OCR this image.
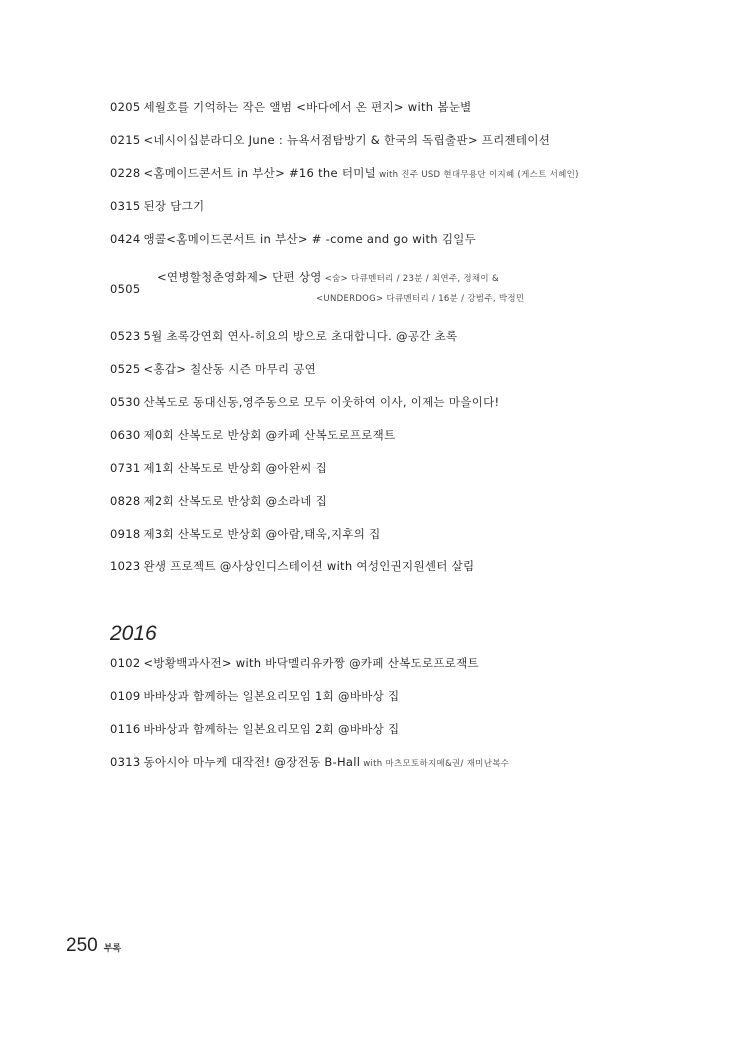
0205 세월호를 기억하는 작은 앨범 <바다에서 온 편지> with 봄눈별
0215 <네시이십분라디오 June : 뉴욕서점탐방기 & 한국의 독립출판> 프리젠테이션
0228 <홈메이드콘서트 in 부산> #16 the 터미널 with 진주 USD 현대무용단 이지혜 (게스트 서혜인)
0315 된장 담그기
0424 앵콜<홈메이드콘서트 in 부산> # -come and go with 김일두
0505
<연병할청춘영화제> 단편 상영 <숨> 다큐멘터리 / 23분 / 최연주, 정채이 &
<UNDERDOG> 다큐멘터리 / 16분 / 강범주, 박정민
0523 5월 초록강연회 연사-히요의 방으로 초대합니다. @공간 초록
0525 <홍갑> 칠산동 시즌 마무리 공연
0530 산복도로 동대신동,영주동으로 모두 이웃하여 이사, 이제는 마을이다!
0630 제0회 산복도로 반상회 @카페 산복도로프로잭트
0731 제1회 산복도로 반상회 @아완씨 집
0828 제2회 산복도로 반상회 @소라네 집
0918 제3회 산복도로 반상회 @아람,태욱,지후의 집
1023 완생 프로젝트 @사상인디스테이션 with 여성인권지원센터 살림
2016
0102 <방황백과사전> with 바닥멜리유카짱 @카페 산복도로프로잭트
0109 바바상과 함께하는 일본요리모임 1회 @바바상 집
0116 바바상과 함께하는 일본요리모임 2회 @바바상 집
0313 동아시아 마누케 대작전! @장전동 B-Hall with 마츠모토하지메&권/ 재미난복수
250 부록
